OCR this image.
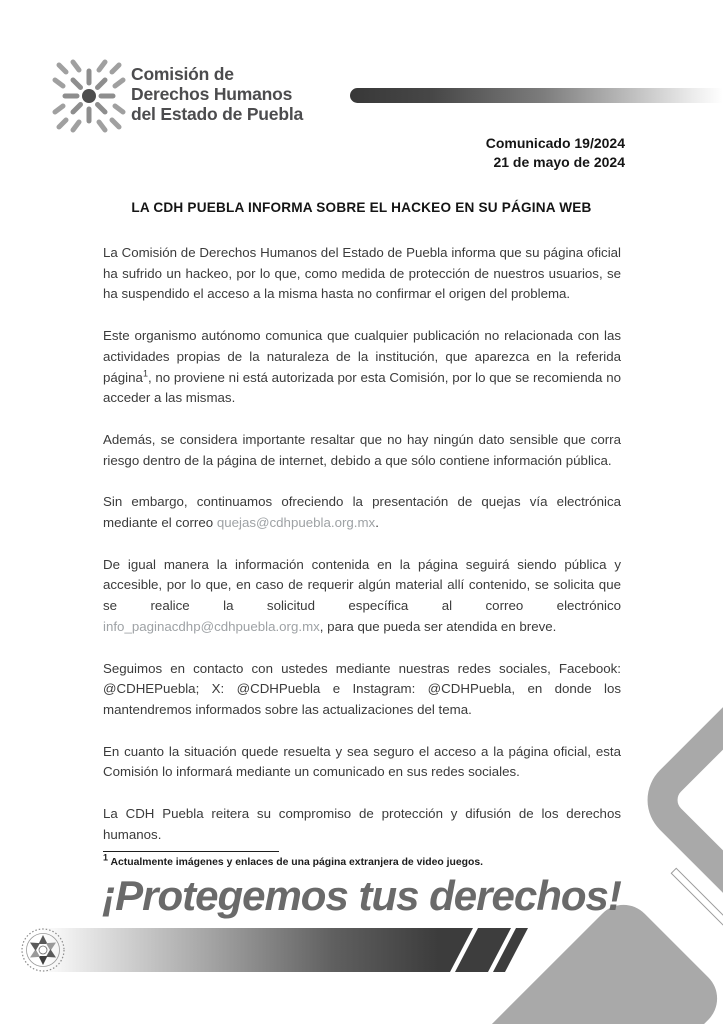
Comisión de
Derechos Humanos
del Estado de Puebla
Comunicado 19/2024
21 de mayo de 2024
LA CDH PUEBLA INFORMA SOBRE EL HACKEO EN SU PÁGINA WEB

La Comisión de Derechos Humanos del Estado de Puebla informa que su página oficial ha sufrido un hackeo, por lo que, como medida de protección de nuestros usuarios, se ha suspendido el acceso a la misma hasta no confirmar el origen del problema.

Este organismo autónomo comunica que cualquier publicación no relacionada con las actividades propias de la naturaleza de la institución, que aparezca en la referida página$^1$, no proviene ni está autorizada por esta Comisión, por lo que se recomienda no acceder a las mismas.

Además, se considera importante resaltar que no hay ningún dato sensible que corra riesgo dentro de la página de internet, debido a que sólo contiene información pública.

Sin embargo, continuamos ofreciendo la presentación de quejas vía electrónica mediante el correo quejas@cdhpuebla.org.mx.

De igual manera la información contenida en la página seguirá siendo pública y accesible, por lo que, en caso de requerir algún material allí contenido, se solicita que se realice la solicitud específica al correo electrónico info_paginacdhp@cdhpuebla.org.mx, para que pueda ser atendida en breve.

Seguimos en contacto con ustedes mediante nuestras redes sociales, Facebook: @CDHEPuebla; X: @CDHPuebla e Instagram: @CDHPuebla, en donde los mantendremos informados sobre las actualizaciones del tema.

En cuanto la situación quede resuelta y sea seguro el acceso a la página oficial, esta Comisión lo informará mediante un comunicado en sus redes sociales.

La CDH Puebla reitera su compromiso de protección y difusión de los derechos humanos.

$^1$ Actualmente imágenes y enlaces de una página extranjera de video juegos.
¡Protegemos tus derechos!
